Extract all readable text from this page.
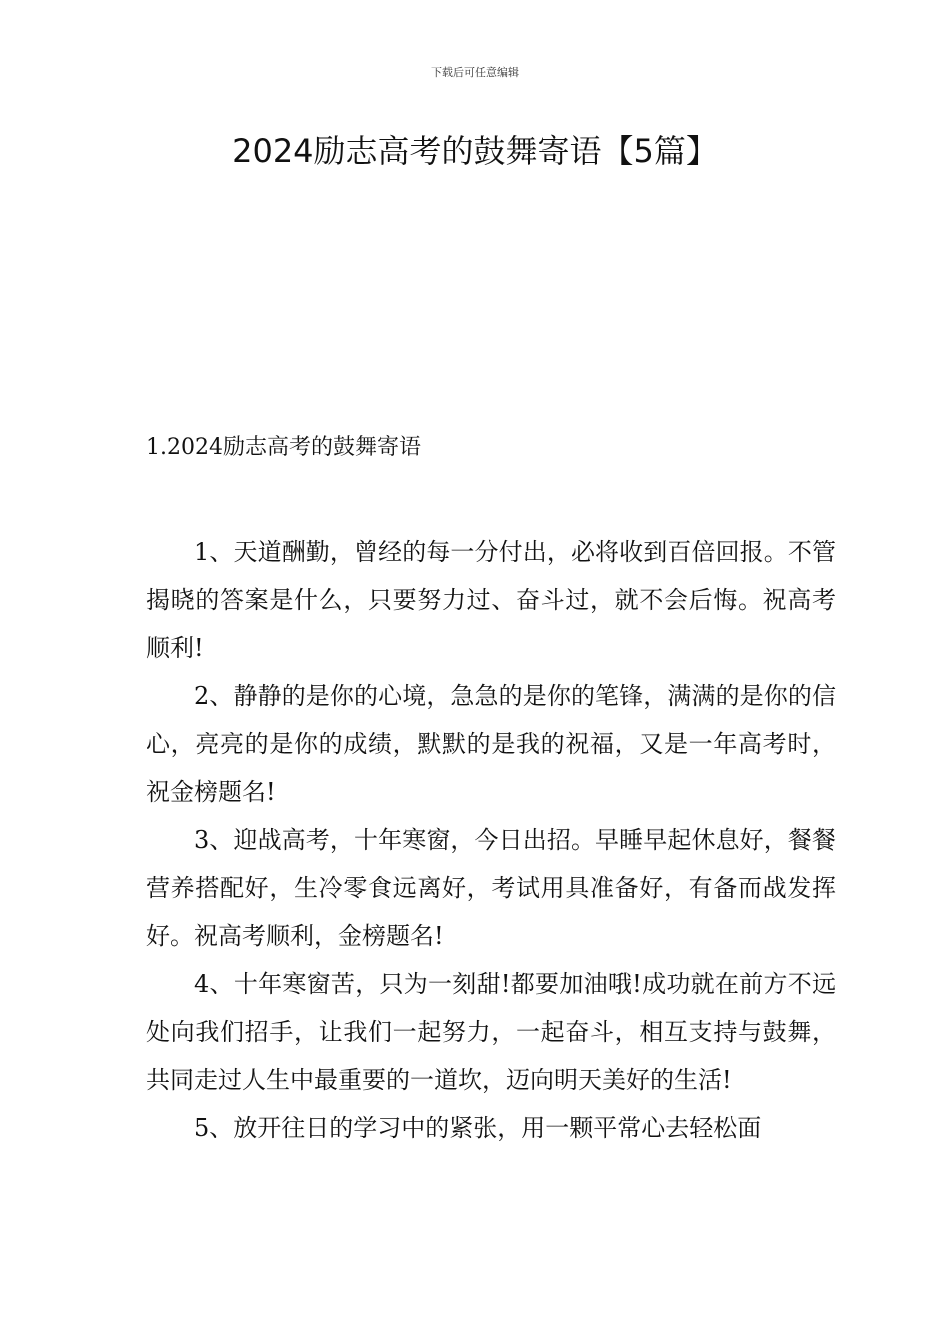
下载后可任意编辑
2024励志高考的鼓舞寄语【5篇】
1.2024励志高考的鼓舞寄语

1、天道酬勤，曾经的每一分付出，必将收到百倍回报。不管揭晓的答案是什么，只要努力过、奋斗过，就不会后悔。祝高考顺利!

2、静静的是你的心境，急急的是你的笔锋，满满的是你的信心，亮亮的是你的成绩，默默的是我的祝福，又是一年高考时，祝金榜题名!

3、迎战高考，十年寒窗，今日出招。早睡早起休息好，餐餐营养搭配好，生冷零食远离好，考试用具准备好，有备而战发挥好。祝高考顺利，金榜题名!

4、十年寒窗苦，只为一刻甜!都要加油哦!成功就在前方不远处向我们招手，让我们一起努力，一起奋斗，相互支持与鼓舞，共同走过人生中最重要的一道坎，迈向明天美好的生活!

5、放开往日的学习中的紧张，用一颗平常心去轻松面
